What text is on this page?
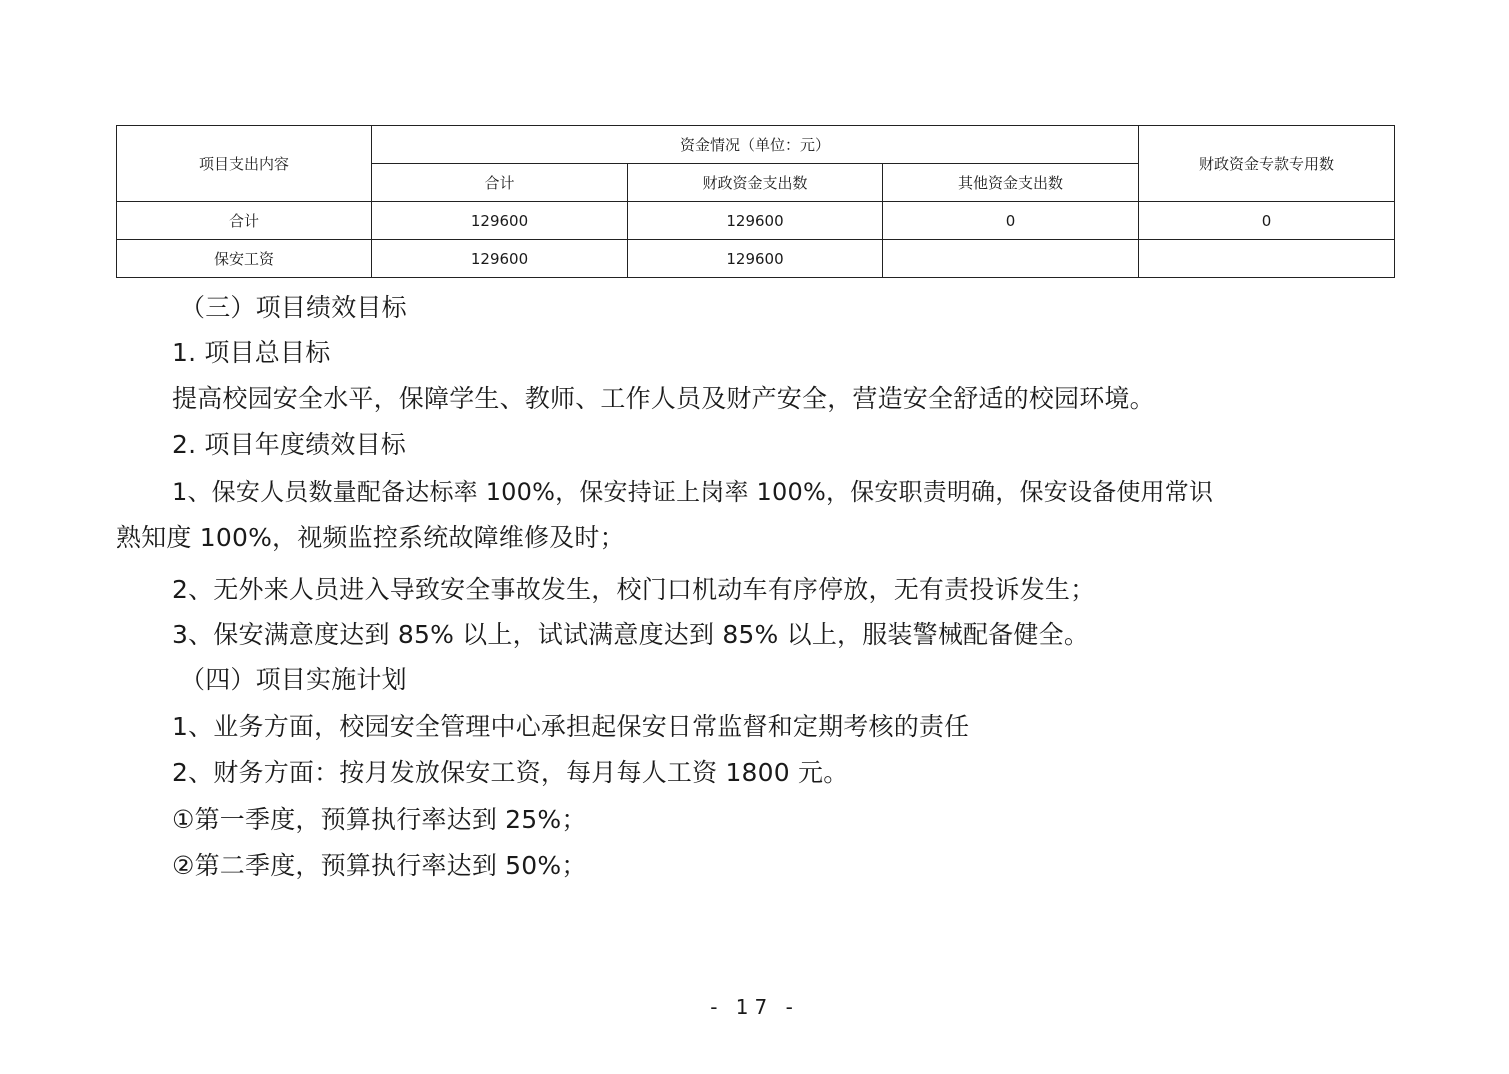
项目支出内容	资金情况（单位：元）			财政资金专款专用数
	合计	财政资金支出数	其他资金支出数	
合计	129600	129600	0	0
保安工资	129600	129600		
（三）项目绩效目标
1. 项目总目标
提高校园安全水平，保障学生、教师、工作人员及财产安全，营造安全舒适的校园环境。
2. 项目年度绩效目标
1、保安人员数量配备达标率 100%，保安持证上岗率 100%，保安职责明确，保安设备使用常识
熟知度 100%，视频监控系统故障维修及时；
2、无外来人员进入导致安全事故发生，校门口机动车有序停放，无有责投诉发生；
3、保安满意度达到 85% 以上，试试满意度达到 85% 以上，服装警械配备健全。
（四）项目实施计划
1、业务方面，校园安全管理中心承担起保安日常监督和定期考核的责任
2、财务方面：按月发放保安工资，每月每人工资 1800 元。
①第一季度，预算执行率达到 25%；
②第二季度，预算执行率达到 50%；
- 17 -
